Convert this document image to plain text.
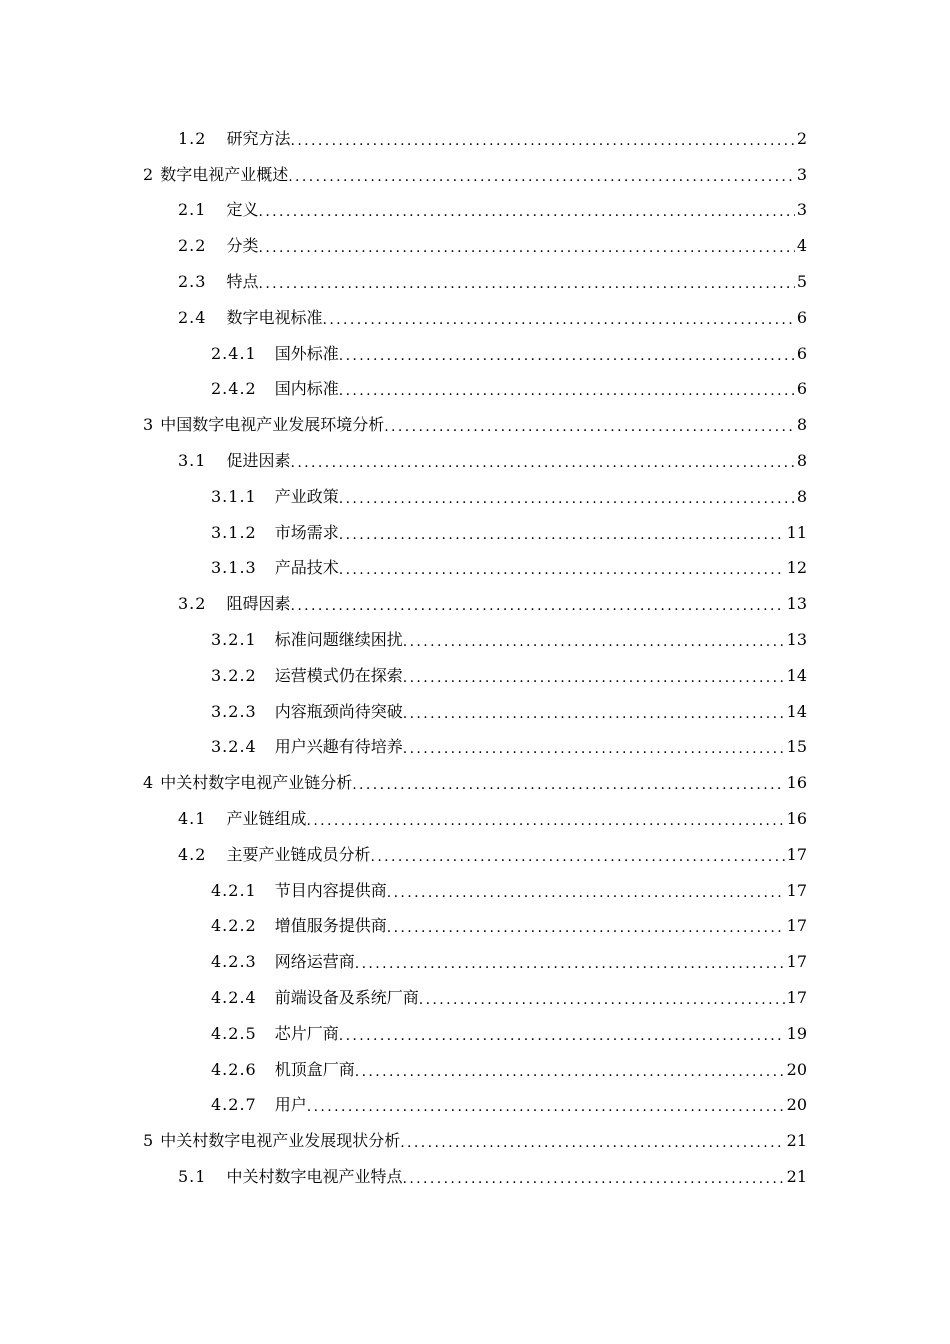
1.2 研究方法 .....	2
2 数字电视产业概述 .....	3
2.1 定义 .....	3
2.2 分类 .....	4
2.3 特点 .....	5
2.4 数字电视标准 .....	6
2.4.1 国外标准 .....	6
2.4.2 国内标准 .....	6
3 中国数字电视产业发展环境分析 .....	8
3.1 促进因素 .....	8
3.1.1 产业政策 .....	8
3.1.2 市场需求 .....	11
3.1.3 产品技术 .....	12
3.2 阻碍因素 .....	13
3.2.1 标准问题继续困扰 .....	13
3.2.2 运营模式仍在探索 .....	14
3.2.3 内容瓶颈尚待突破 .....	14
3.2.4 用户兴趣有待培养 .....	15
4 中关村数字电视产业链分析 .....	16
4.1 产业链组成 .....	16
4.2 主要产业链成员分析 .....	17
4.2.1 节目内容提供商 .....	17
4.2.2 增值服务提供商 .....	17
4.2.3 网络运营商 .....	17
4.2.4 前端设备及系统厂商 .....	17
4.2.5 芯片厂商 .....	19
4.2.6 机顶盒厂商 .....	20
4.2.7 用户 .....	20
5 中关村数字电视产业发展现状分析 .....	21
5.1 中关村数字电视产业特点 .....	21
